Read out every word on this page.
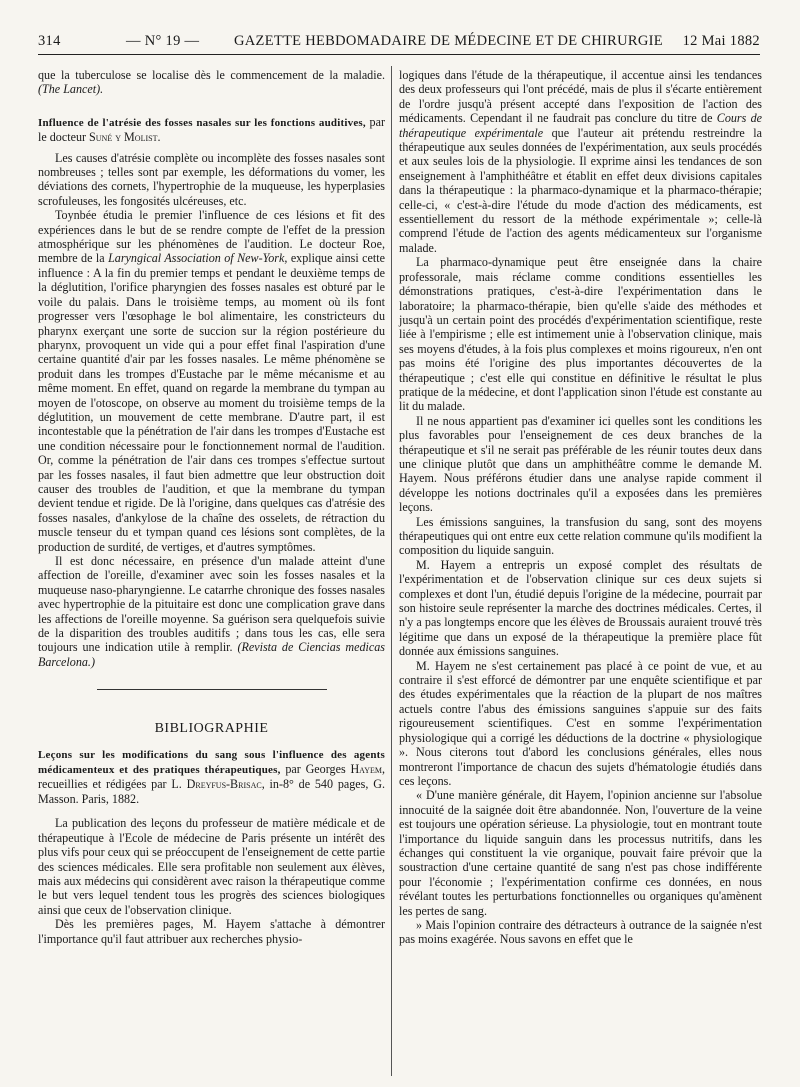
314	— N° 19 — GAZETTE HEBDOMADAIRE DE MÉDECINE ET DE CHIRURGIE 12 Mai 1882

que la tuberculose se localise dès le commencement de la maladie. (The Lancet).

Influence de l'atrésie des fosses nasales sur les fonctions auditives, par le docteur Suné y Molist.

Les causes d'atrésie complète ou incomplète des fosses nasales sont nombreuses ; telles sont par exemple, les déformations du vomer, les déviations des cornets, l'hypertrophie de la muqueuse, les hyperplasies scrofuleuses, les fongosités ulcéreuses, etc.

Toynbée étudia le premier l'influence de ces lésions et fit des expériences dans le but de se rendre compte de l'effet de la pression atmosphérique sur les phénomènes de l'audition. Le docteur Roe, membre de la Laryngical Association of New-York, explique ainsi cette influence : A la fin du premier temps et pendant le deuxième temps de la déglutition, l'orifice pharyngien des fosses nasales est obturé par le voile du palais. Dans le troisième temps, au moment où ils font progresser vers l'œsophage le bol alimentaire, les constricteurs du pharynx exerçant une sorte de succion sur la région postérieure du pharynx, provoquent un vide qui a pour effet final l'aspiration d'une certaine quantité d'air par les fosses nasales. Le même phénomène se produit dans les trompes d'Eustache par le même mécanisme et au même moment. En effet, quand on regarde la membrane du tympan au moyen de l'otoscope, on observe au moment du troisième temps de la déglutition, un mouvement de cette membrane. D'autre part, il est incontestable que la pénétration de l'air dans les trompes d'Eustache est une condition nécessaire pour le fonctionnement normal de l'audition. Or, comme la pénétration de l'air dans ces trompes s'effectue surtout par les fosses nasales, il faut bien admettre que leur obstruction doit causer des troubles de l'audition, et que la membrane du tympan devient tendue et rigide. De là l'origine, dans quelques cas d'atrésie des fosses nasales, d'ankylose de la chaîne des osselets, de rétraction du muscle tenseur du et tympan quand ces lésions sont complètes, de la production de surdité, de vertiges, et d'autres symptômes.

Il est donc nécessaire, en présence d'un malade atteint d'une affection de l'oreille, d'examiner avec soin les fosses nasales et la muqueuse naso-pharyngienne. Le catarrhe chronique des fosses nasales avec hypertrophie de la pituitaire est donc une complication grave dans les affections de l'oreille moyenne. Sa guérison sera quelquefois suivie de la disparition des troubles auditifs ; dans tous les cas, elle sera toujours une indication utile à remplir. (Revista de Ciencias medicas Barcelona.)

BIBLIOGRAPHIE

Leçons sur les modifications du sang sous l'influence des agents médicamenteux et des pratiques thérapeutiques, par Georges Hayem, recueillies et rédigées par L. Dreyfus-Brisac, in-8° de 540 pages, G. Masson. Paris, 1882.

La publication des leçons du professeur de matière médicale et de thérapeutique à l'Ecole de médecine de Paris présente un intérêt des plus vifs pour ceux qui se préoccupent de l'enseignement de cette partie des sciences médicales. Elle sera profitable non seulement aux élèves, mais aux médecins qui considèrent avec raison la thérapeutique comme le but vers lequel tendent tous les progrès des sciences biologiques ainsi que ceux de l'observation clinique.

Dès les premières pages, M. Hayem s'attache à démontrer l'importance qu'il faut attribuer aux recherches physio-

logiques dans l'étude de la thérapeutique, il accentue ainsi les tendances des deux professeurs qui l'ont précédé, mais de plus il s'écarte entièrement de l'ordre jusqu'à présent accepté dans l'exposition de l'action des médicaments. Cependant il ne faudrait pas conclure du titre de Cours de thérapeutique expérimentale que l'auteur ait prétendu restreindre la thérapeutique aux seules données de l'expérimentation, aux seuls procédés et aux seules lois de la physiologie. Il exprime ainsi les tendances de son enseignement à l'amphithéâtre et établit en effet deux divisions capitales dans la thérapeutique : la pharmaco-dynamique et la pharmaco-thérapie; celle-ci, « c'est-à-dire l'étude du mode d'action des médicaments, est essentiellement du ressort de la méthode expérimentale »; celle-là comprend l'étude de l'action des agents médicamenteux sur l'organisme malade.

La pharmaco-dynamique peut être enseignée dans la chaire professorale, mais réclame comme conditions essentielles les démonstrations pratiques, c'est-à-dire l'expérimentation dans le laboratoire; la pharmaco-thérapie, bien qu'elle s'aide des méthodes et jusqu'à un certain point des procédés d'expérimentation scientifique, reste liée à l'empirisme ; elle est intimement unie à l'observation clinique, mais ses moyens d'études, à la fois plus complexes et moins rigoureux, n'en ont pas moins été l'origine des plus importantes découvertes de la thérapeutique ; c'est elle qui constitue en définitive le résultat le plus pratique de la médecine, et dont l'application sinon l'étude est constante au lit du malade.

Il ne nous appartient pas d'examiner ici quelles sont les conditions les plus favorables pour l'enseignement de ces deux branches de la thérapeutique et s'il ne serait pas préférable de les réunir toutes deux dans une clinique plutôt que dans un amphithéâtre comme le demande M. Hayem. Nous préférons étudier dans une analyse rapide comment il développe les notions doctrinales qu'il a exposées dans les premières leçons.

Les émissions sanguines, la transfusion du sang, sont des moyens thérapeutiques qui ont entre eux cette relation commune qu'ils modifient la composition du liquide sanguin.

M. Hayem a entrepris un exposé complet des résultats de l'expérimentation et de l'observation clinique sur ces deux sujets si complexes et dont l'un, étudié depuis l'origine de la médecine, pourrait par son histoire seule représenter la marche des doctrines médicales. Certes, il n'y a pas longtemps encore que les élèves de Broussais auraient trouvé très légitime que dans un exposé de la thérapeutique la première place fût donnée aux émissions sanguines.

M. Hayem ne s'est certainement pas placé à ce point de vue, et au contraire il s'est efforcé de démontrer par une enquête scientifique et par des études expérimentales que la réaction de la plupart de nos maîtres actuels contre l'abus des émissions sanguines s'appuie sur des faits rigoureusement scientifiques. C'est en somme l'expérimentation physiologique qui a corrigé les déductions de la doctrine « physiologique ». Nous citerons tout d'abord les conclusions générales, elles nous montreront l'importance de chacun des sujets d'hématologie étudiés dans ces leçons.

« D'une manière générale, dit Hayem, l'opinion ancienne sur l'absolue innocuité de la saignée doit être abandonnée. Non, l'ouverture de la veine est toujours une opération sérieuse. La physiologie, tout en montrant toute l'importance du liquide sanguin dans les processus nutritifs, dans les échanges qui constituent la vie organique, pouvait faire prévoir que la soustraction d'une certaine quantité de sang n'est pas chose indifférente pour l'économie ; l'expérimentation confirme ces données, en nous révélant toutes les perturbations fonctionnelles ou organiques qu'amènent les pertes de sang.

» Mais l'opinion contraire des détracteurs à outrance de la saignée n'est pas moins exagérée. Nous savons en effet que le
